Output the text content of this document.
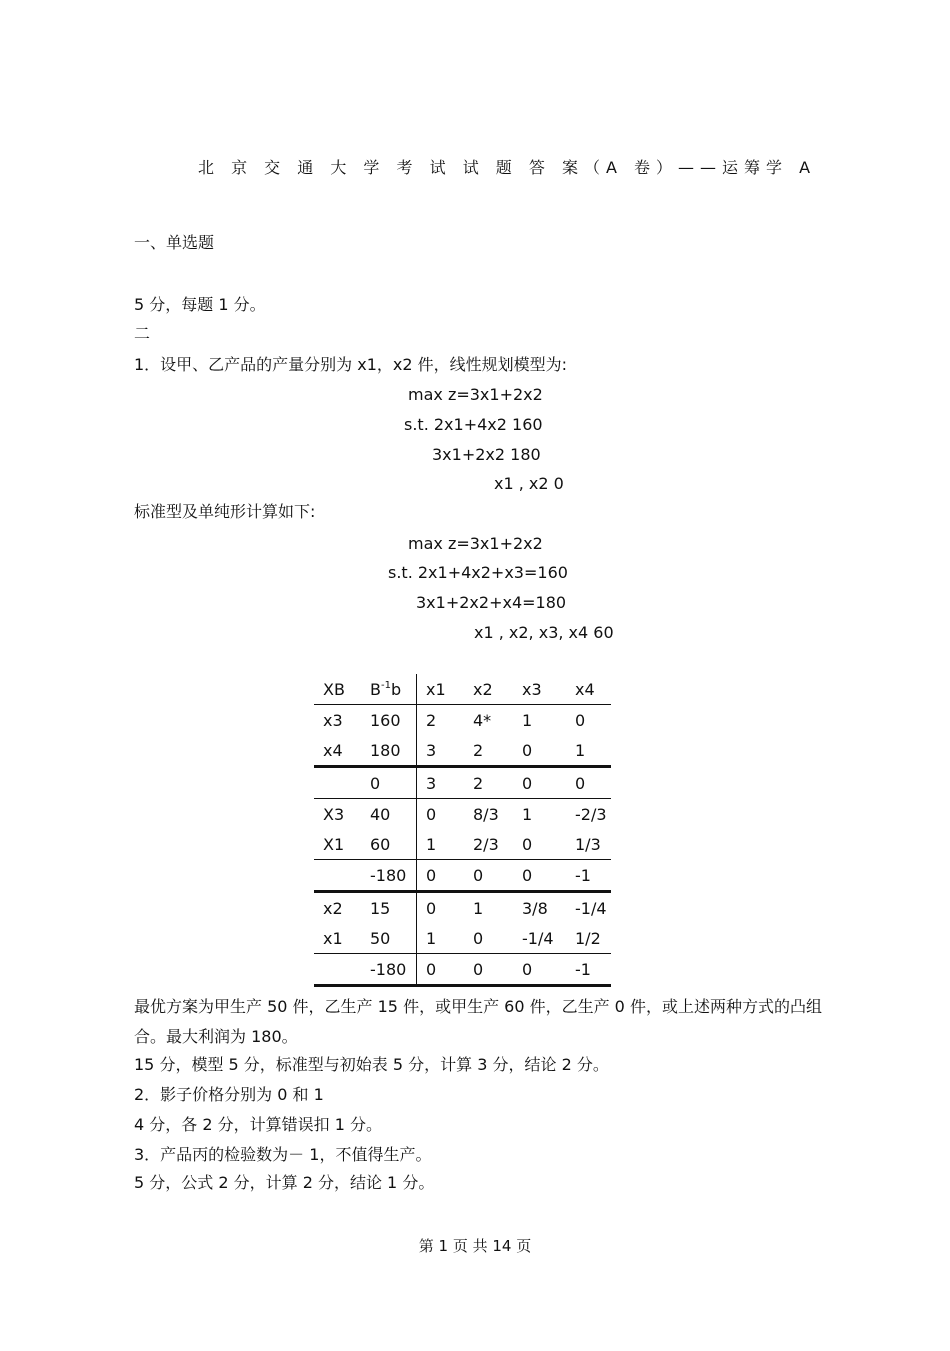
北 京 交 通 大 学 考 试 试 题 答 案（A 卷）——运筹学 A
一、单选题
5 分，每题 1 分。
二
1．设甲、乙产品的产量分别为 x1，x2 件，线性规划模型为:
max z=3x1+2x2
s.t. 2x1+4x2 160
3x1+2x2 180
x1 , x2 0
标准型及单纯形计算如下:
max z=3x1+2x2
s.t. 2x1+4x2+x3=160
3x1+2x2+x4=180
x1 , x2, x3, x4 60
XB	$B^{-1}b$	x1	x2	x3	x4
x3	160	2	4*	1	0
x4	180	3	2	0	1
	0	3	2	0	0
X3	40	0	8/3	1	-2/3
X1	60	1	2/3	0	1/3
	-180	0	0	0	-1
x2	15	0	1	3/8	-1/4
x1	50	1	0	-1/4	1/2
	-180	0	0	0	-1
最优方案为甲生产 50 件，乙生产 15 件，或甲生产 60 件，乙生产 0 件，或上述两种方式的凸组合。最大利润为 180。
15 分，模型 5 分，标准型与初始表 5 分，计算 3 分，结论 2 分。
2．影子价格分别为 0 和 1
4 分，各 2 分，计算错误扣 1 分。
3．产品丙的检验数为－ 1，不值得生产。
5 分，公式 2 分，计算 2 分，结论 1 分。
第 1 页 共 14 页
